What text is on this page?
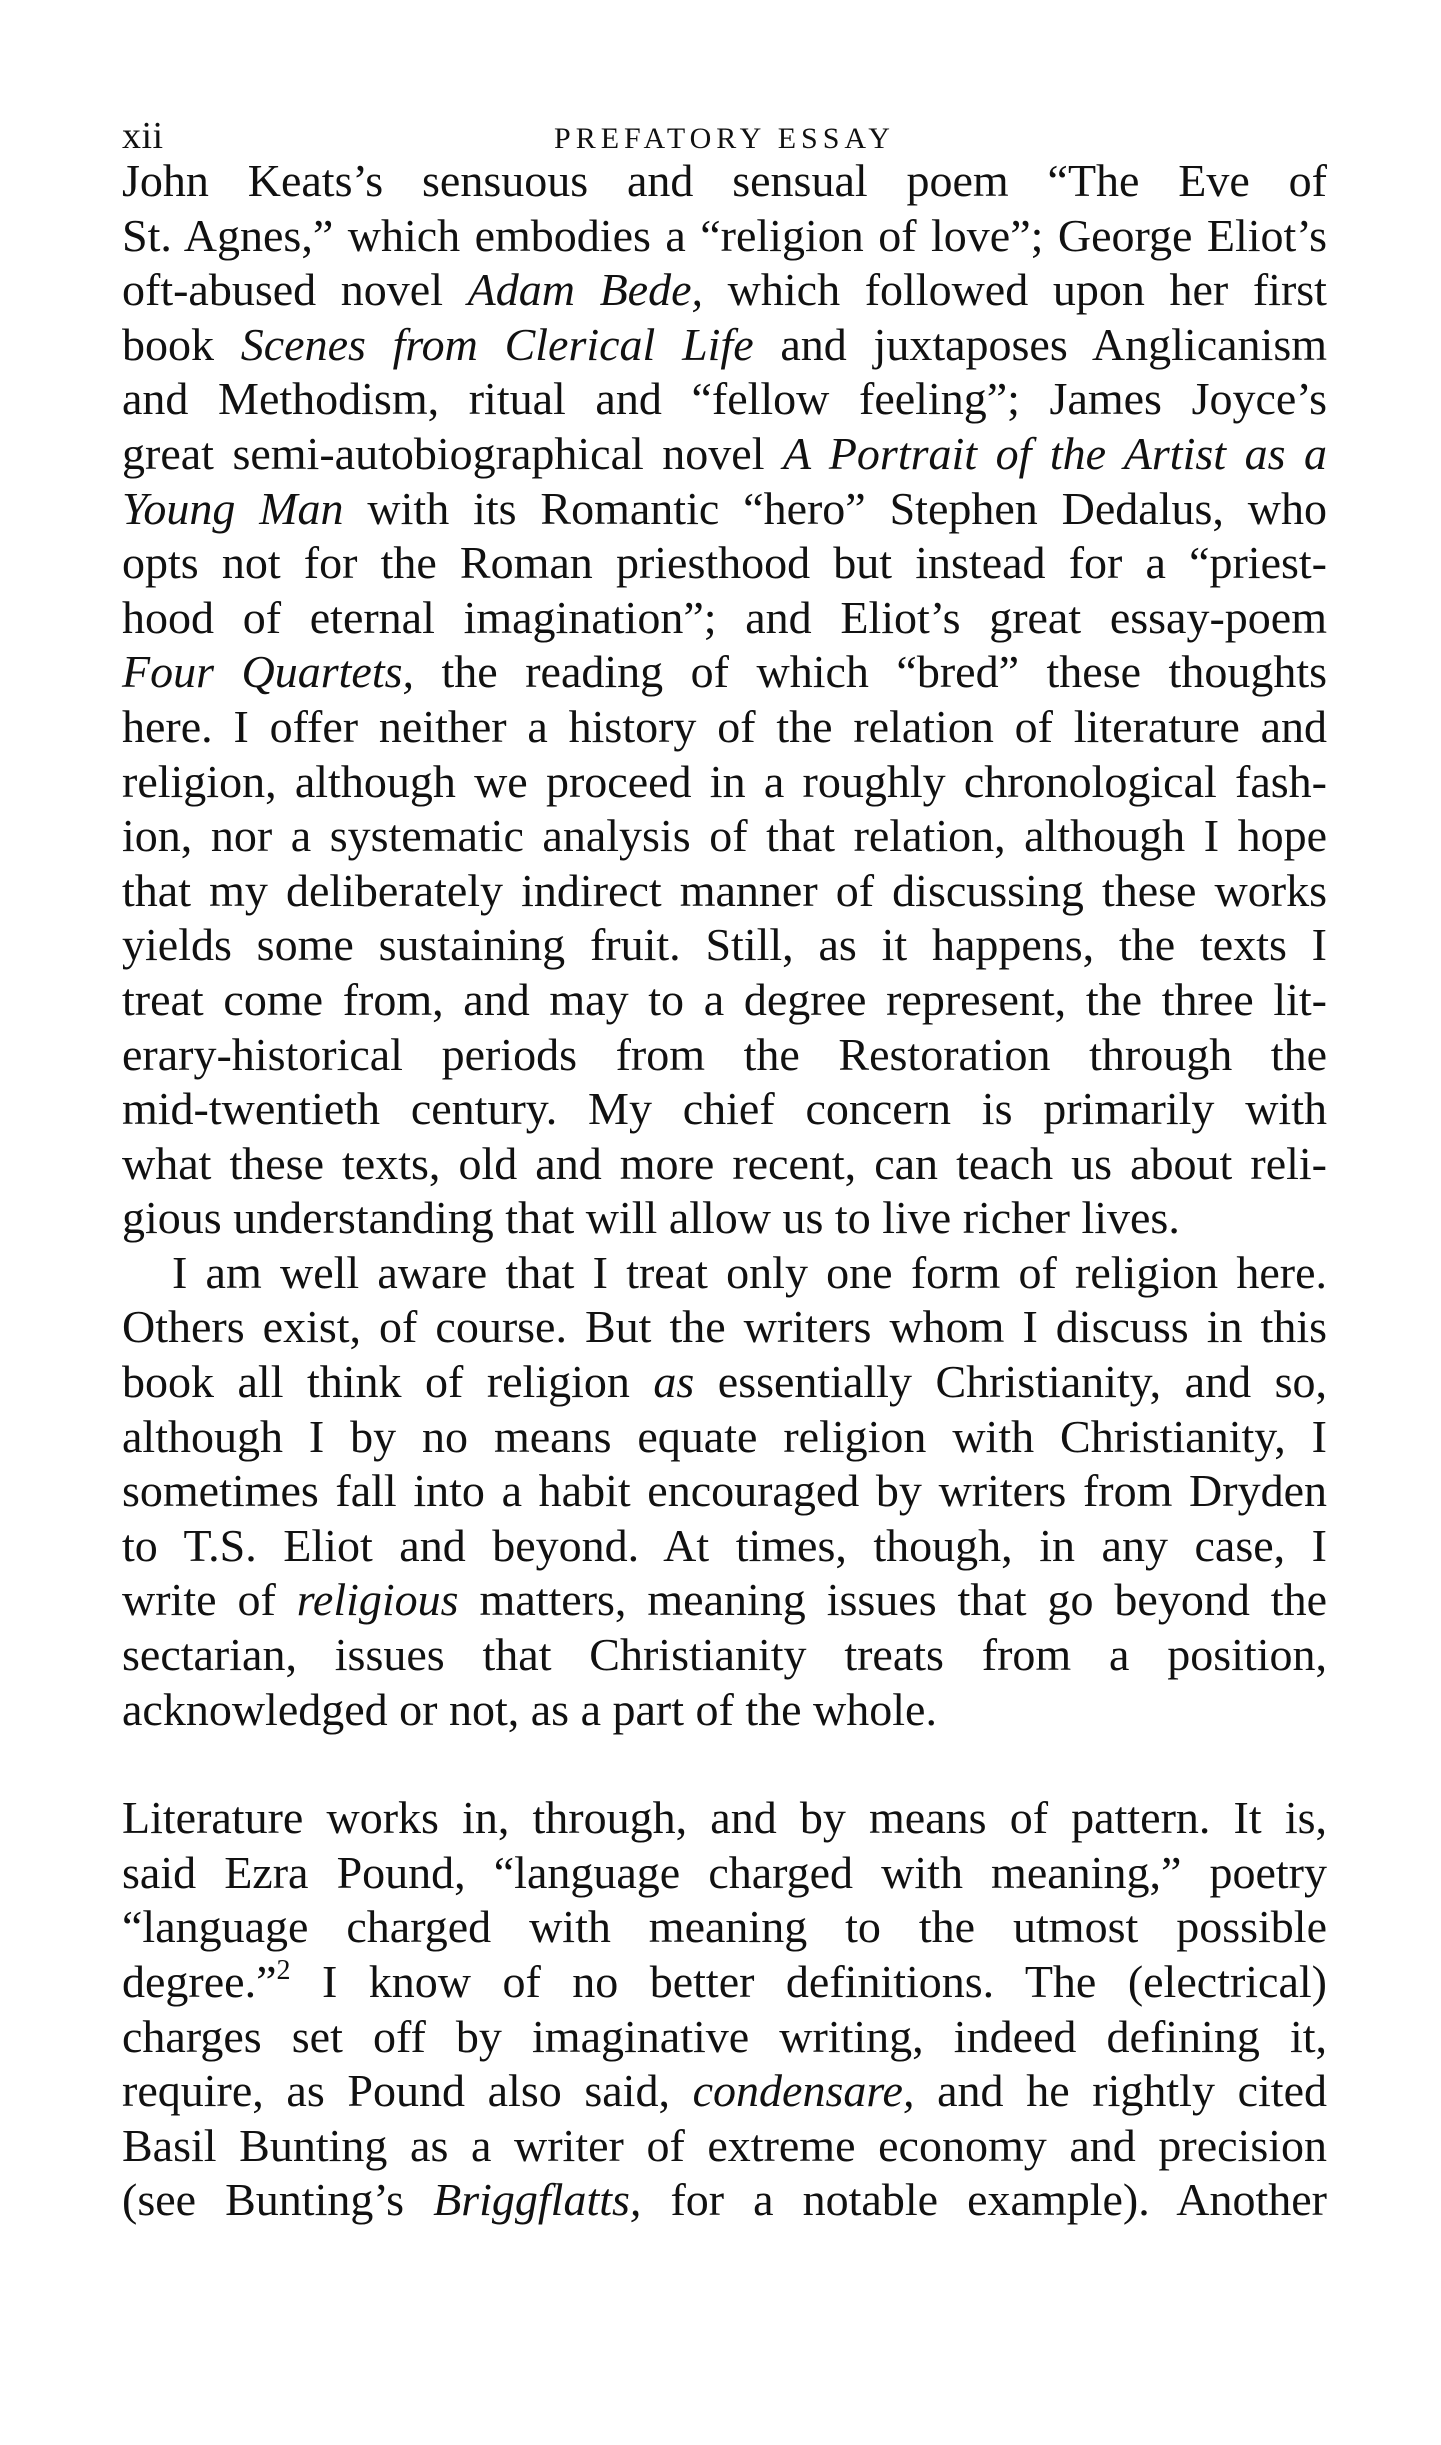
xii	PREFATORY ESSAY
John Keats’s sensuous and sensual poem “The Eve of
St. Agnes,” which embodies a “religion of love”; George Eliot’s
oft-abused novel Adam Bede, which followed upon her first
book Scenes from Clerical Life and juxtaposes Anglicanism
and Methodism, ritual and “fellow feeling”; James Joyce’s
great semi-autobiographical novel A Portrait of the Artist as a
Young Man with its Romantic “hero” Stephen Dedalus, who
opts not for the Roman priesthood but instead for a “priest-
hood of eternal imagination”; and Eliot’s great essay-poem
Four Quartets, the reading of which “bred” these thoughts
here. I offer neither a history of the relation of literature and
religion, although we proceed in a roughly chronological fash-
ion, nor a systematic analysis of that relation, although I hope
that my deliberately indirect manner of discussing these works
yields some sustaining fruit. Still, as it happens, the texts I
treat come from, and may to a degree represent, the three lit-
erary-historical periods from the Restoration through the
mid-twentieth century. My chief concern is primarily with
what these texts, old and more recent, can teach us about reli-
gious understanding that will allow us to live richer lives.
I am well aware that I treat only one form of religion here.
Others exist, of course. But the writers whom I discuss in this
book all think of religion as essentially Christianity, and so,
although I by no means equate religion with Christianity, I
sometimes fall into a habit encouraged by writers from Dryden
to T.S. Eliot and beyond. At times, though, in any case, I
write of religious matters, meaning issues that go beyond the
sectarian, issues that Christianity treats from a position,
acknowledged or not, as a part of the whole.
Literature works in, through, and by means of pattern. It is,
said Ezra Pound, “language charged with meaning,” poetry
“language charged with meaning to the utmost possible
degree.”$^2$ I know of no better definitions. The (electrical)
charges set off by imaginative writing, indeed defining it,
require, as Pound also said, condensare, and he rightly cited
Basil Bunting as a writer of extreme economy and precision
(see Bunting’s Briggflatts, for a notable example). Another
